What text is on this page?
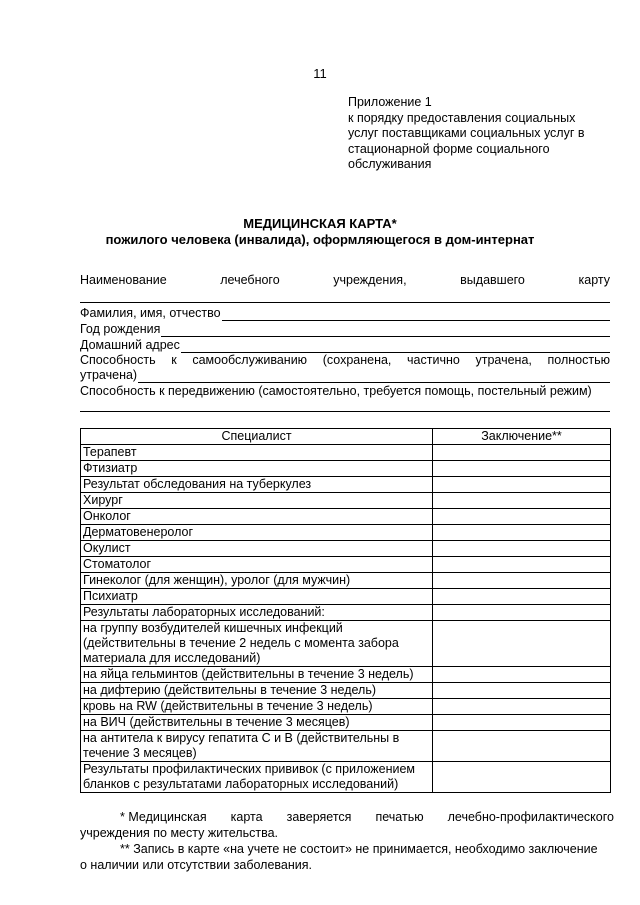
11
Приложение 1
к порядку предоставления социальных
услуг поставщиками социальных услуг в
стационарной форме социального
обслуживания
МЕДИЦИНСКАЯ КАРТА*
пожилого человека (инвалида), оформляющегося в дом-интернат
Наименование	лечебного	учреждения,	выдавшего	карту
Фамилия, имя, отчество
Год рождения
Домашний адрес
Способность к самообслуживанию (сохранена, частично утрачена, полностью
утрачена)
Способность к передвижению (самостоятельно, требуется помощь, постельный режим)
Специалист	Заключение**
Терапевт	
Фтизиатр	
Результат обследования на туберкулез	
Хирург	
Онколог	
Дерматовенеролог	
Окулист	
Стоматолог	
Гинеколог (для женщин), уролог (для мужчин)	
Психиатр	
Результаты лабораторных исследований:	
на группу возбудителей кишечных инфекций (действительны в течение 2 недель с момента забора материала для исследований)	
на яйца гельминтов (действительны в течение 3 недель)	
на дифтерию (действительны в течение 3 недель)	
кровь на RW (действительны в течение 3 недель)	
на ВИЧ (действительны в течение 3 месяцев)	
на антитела к вирусу гепатита С и В (действительны в течение 3 месяцев)	
Результаты профилактических прививок (с приложением бланков с результатами лабораторных исследований)	
* Медицинская карта заверяется печатью лечебно-профилактического
учреждения по месту жительства.
** Запись в карте «на учете не состоит» не принимается, необходимо заключение
о наличии или отсутствии заболевания.
